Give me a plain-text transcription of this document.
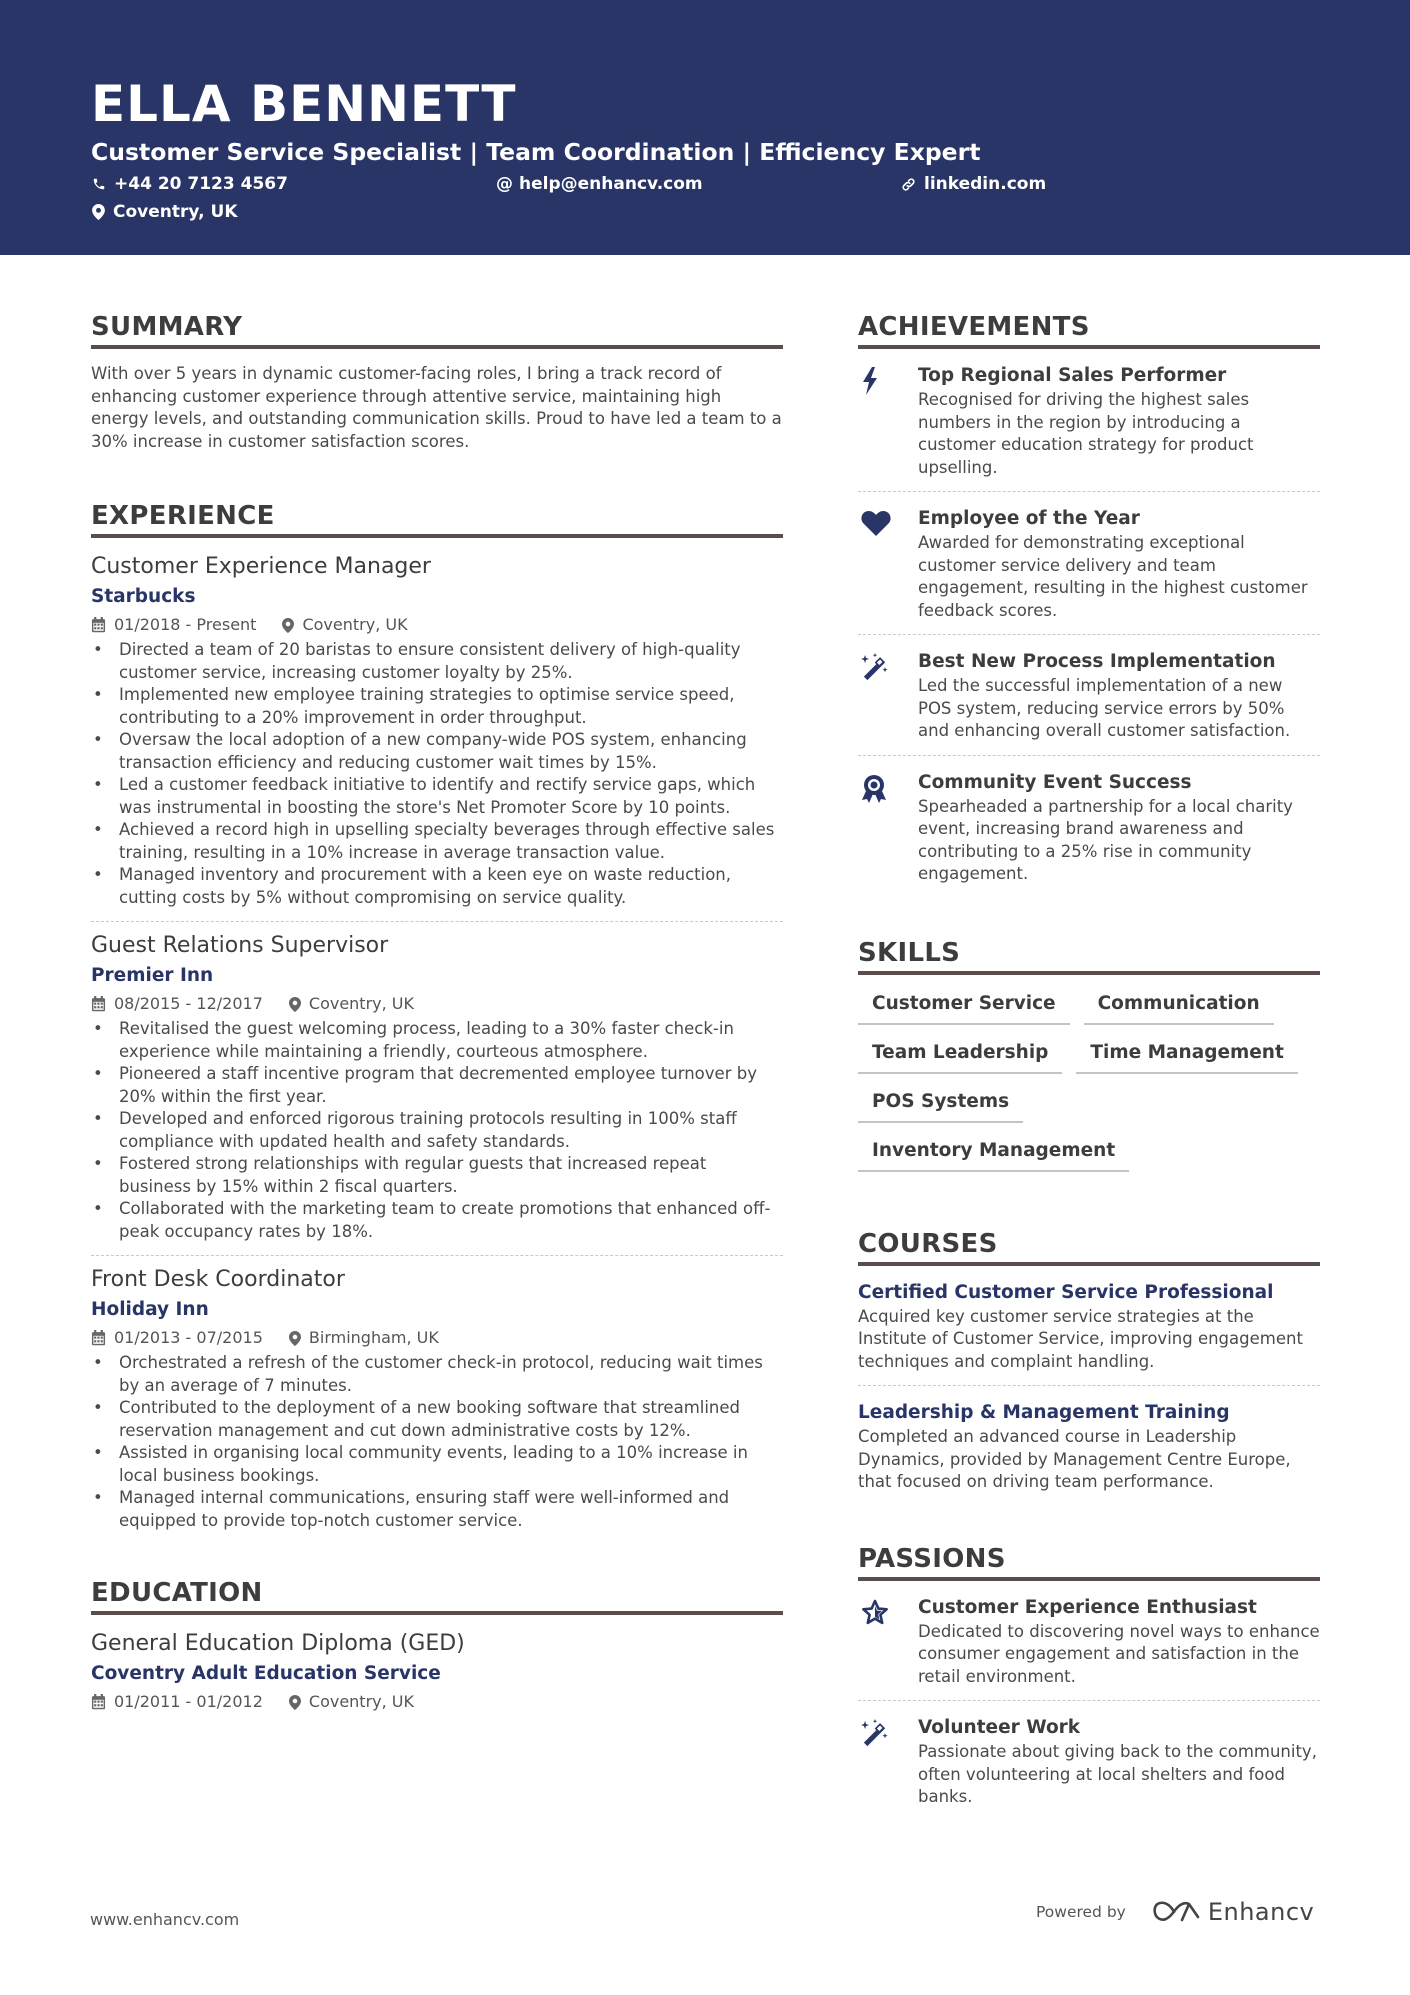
ELLA BENNETT
Customer Service Specialist | Team Coordination | Efficiency Expert
+44 20 7123 4567	@ help@enhancv.com	linkedin.com
Coventry, UK
SUMMARY
With over 5 years in dynamic customer-facing roles, I bring a track record of enhancing customer experience through attentive service, maintaining high energy levels, and outstanding communication skills. Proud to have led a team to a 30% increase in customer satisfaction scores.
EXPERIENCE
Customer Experience Manager
Starbucks
01/2018 - Present	Coventry, UK
• Directed a team of 20 baristas to ensure consistent delivery of high-quality customer service, increasing customer loyalty by 25%.
• Implemented new employee training strategies to optimise service speed, contributing to a 20% improvement in order throughput.
• Oversaw the local adoption of a new company-wide POS system, enhancing transaction efficiency and reducing customer wait times by 15%.
• Led a customer feedback initiative to identify and rectify service gaps, which was instrumental in boosting the store's Net Promoter Score by 10 points.
• Achieved a record high in upselling specialty beverages through effective sales training, resulting in a 10% increase in average transaction value.
• Managed inventory and procurement with a keen eye on waste reduction, cutting costs by 5% without compromising on service quality.
Guest Relations Supervisor
Premier Inn
08/2015 - 12/2017	Coventry, UK
• Revitalised the guest welcoming process, leading to a 30% faster check-in experience while maintaining a friendly, courteous atmosphere.
• Pioneered a staff incentive program that decremented employee turnover by 20% within the first year.
• Developed and enforced rigorous training protocols resulting in 100% staff compliance with updated health and safety standards.
• Fostered strong relationships with regular guests that increased repeat business by 15% within 2 fiscal quarters.
• Collaborated with the marketing team to create promotions that enhanced off-peak occupancy rates by 18%.
Front Desk Coordinator
Holiday Inn
01/2013 - 07/2015	Birmingham, UK
• Orchestrated a refresh of the customer check-in protocol, reducing wait times by an average of 7 minutes.
• Contributed to the deployment of a new booking software that streamlined reservation management and cut down administrative costs by 12%.
• Assisted in organising local community events, leading to a 10% increase in local business bookings.
• Managed internal communications, ensuring staff were well-informed and equipped to provide top-notch customer service.
EDUCATION
General Education Diploma (GED)
Coventry Adult Education Service
01/2011 - 01/2012	Coventry, UK
ACHIEVEMENTS
Top Regional Sales Performer
Recognised for driving the highest sales numbers in the region by introducing a customer education strategy for product upselling.
Employee of the Year
Awarded for demonstrating exceptional customer service delivery and team engagement, resulting in the highest customer feedback scores.
Best New Process Implementation
Led the successful implementation of a new POS system, reducing service errors by 50% and enhancing overall customer satisfaction.
Community Event Success
Spearheaded a partnership for a local charity event, increasing brand awareness and contributing to a 25% rise in community engagement.
SKILLS
Customer Service	Communication
Team Leadership	Time Management
POS Systems
Inventory Management
COURSES
Certified Customer Service Professional
Acquired key customer service strategies at the Institute of Customer Service, improving engagement techniques and complaint handling.
Leadership & Management Training
Completed an advanced course in Leadership Dynamics, provided by Management Centre Europe, that focused on driving team performance.
PASSIONS
Customer Experience Enthusiast
Dedicated to discovering novel ways to enhance consumer engagement and satisfaction in the retail environment.
Volunteer Work
Passionate about giving back to the community, often volunteering at local shelters and food banks.
www.enhancv.com	Powered by	Enhancv
